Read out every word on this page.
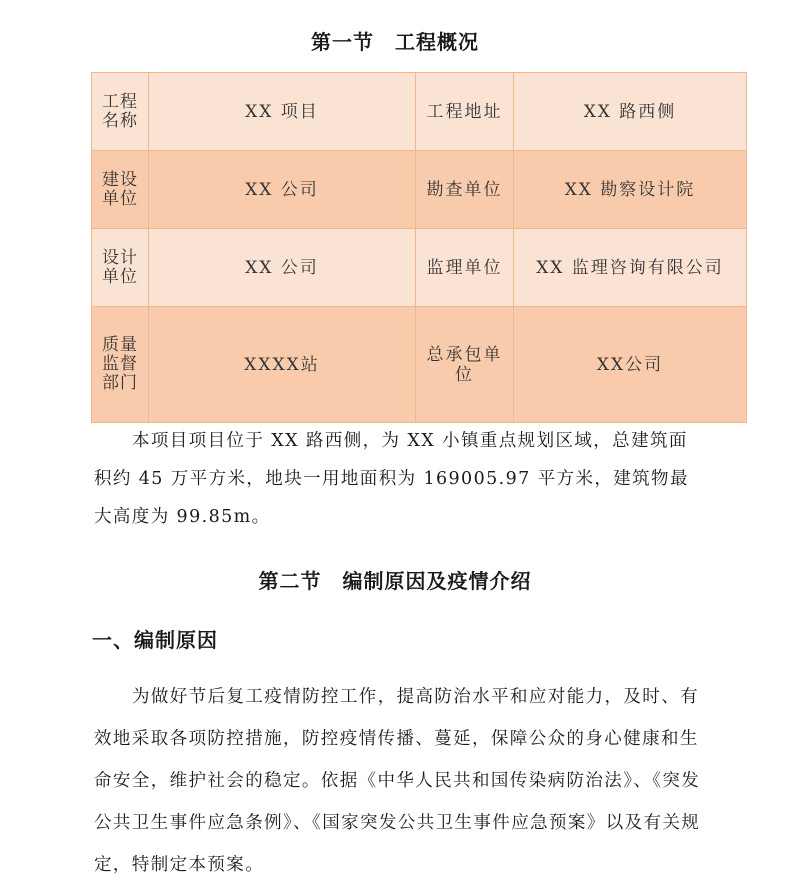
第一节　工程概况
工程
名称	XX 项目	工程地址	XX 路西侧
建设
单位	XX 公司	勘查单位	XX 勘察设计院
设计
单位	XX 公司	监理单位	XX 监理咨询有限公司
质量
监督
部门	XXXX站	总承包单
位	XX公司

本项目项目位于 XX 路西侧，为 XX 小镇重点规划区域，总建筑面积约 45 万平方米，地块一用地面积为 169005.97 平方米，建筑物最大高度为 99.85m。

第二节　编制原因及疫情介绍
一、编制原因

为做好节后复工疫情防控工作，提高防治水平和应对能力，及时、有效地采取各项防控措施，防控疫情传播、蔓延，保障公众的身心健康和生命安全，维护社会的稳定。依据《中华人民共和国传染病防治法》、《突发公共卫生事件应急条例》、《国家突发公共卫生事件应急预案》以及有关规定，特制定本预案。
